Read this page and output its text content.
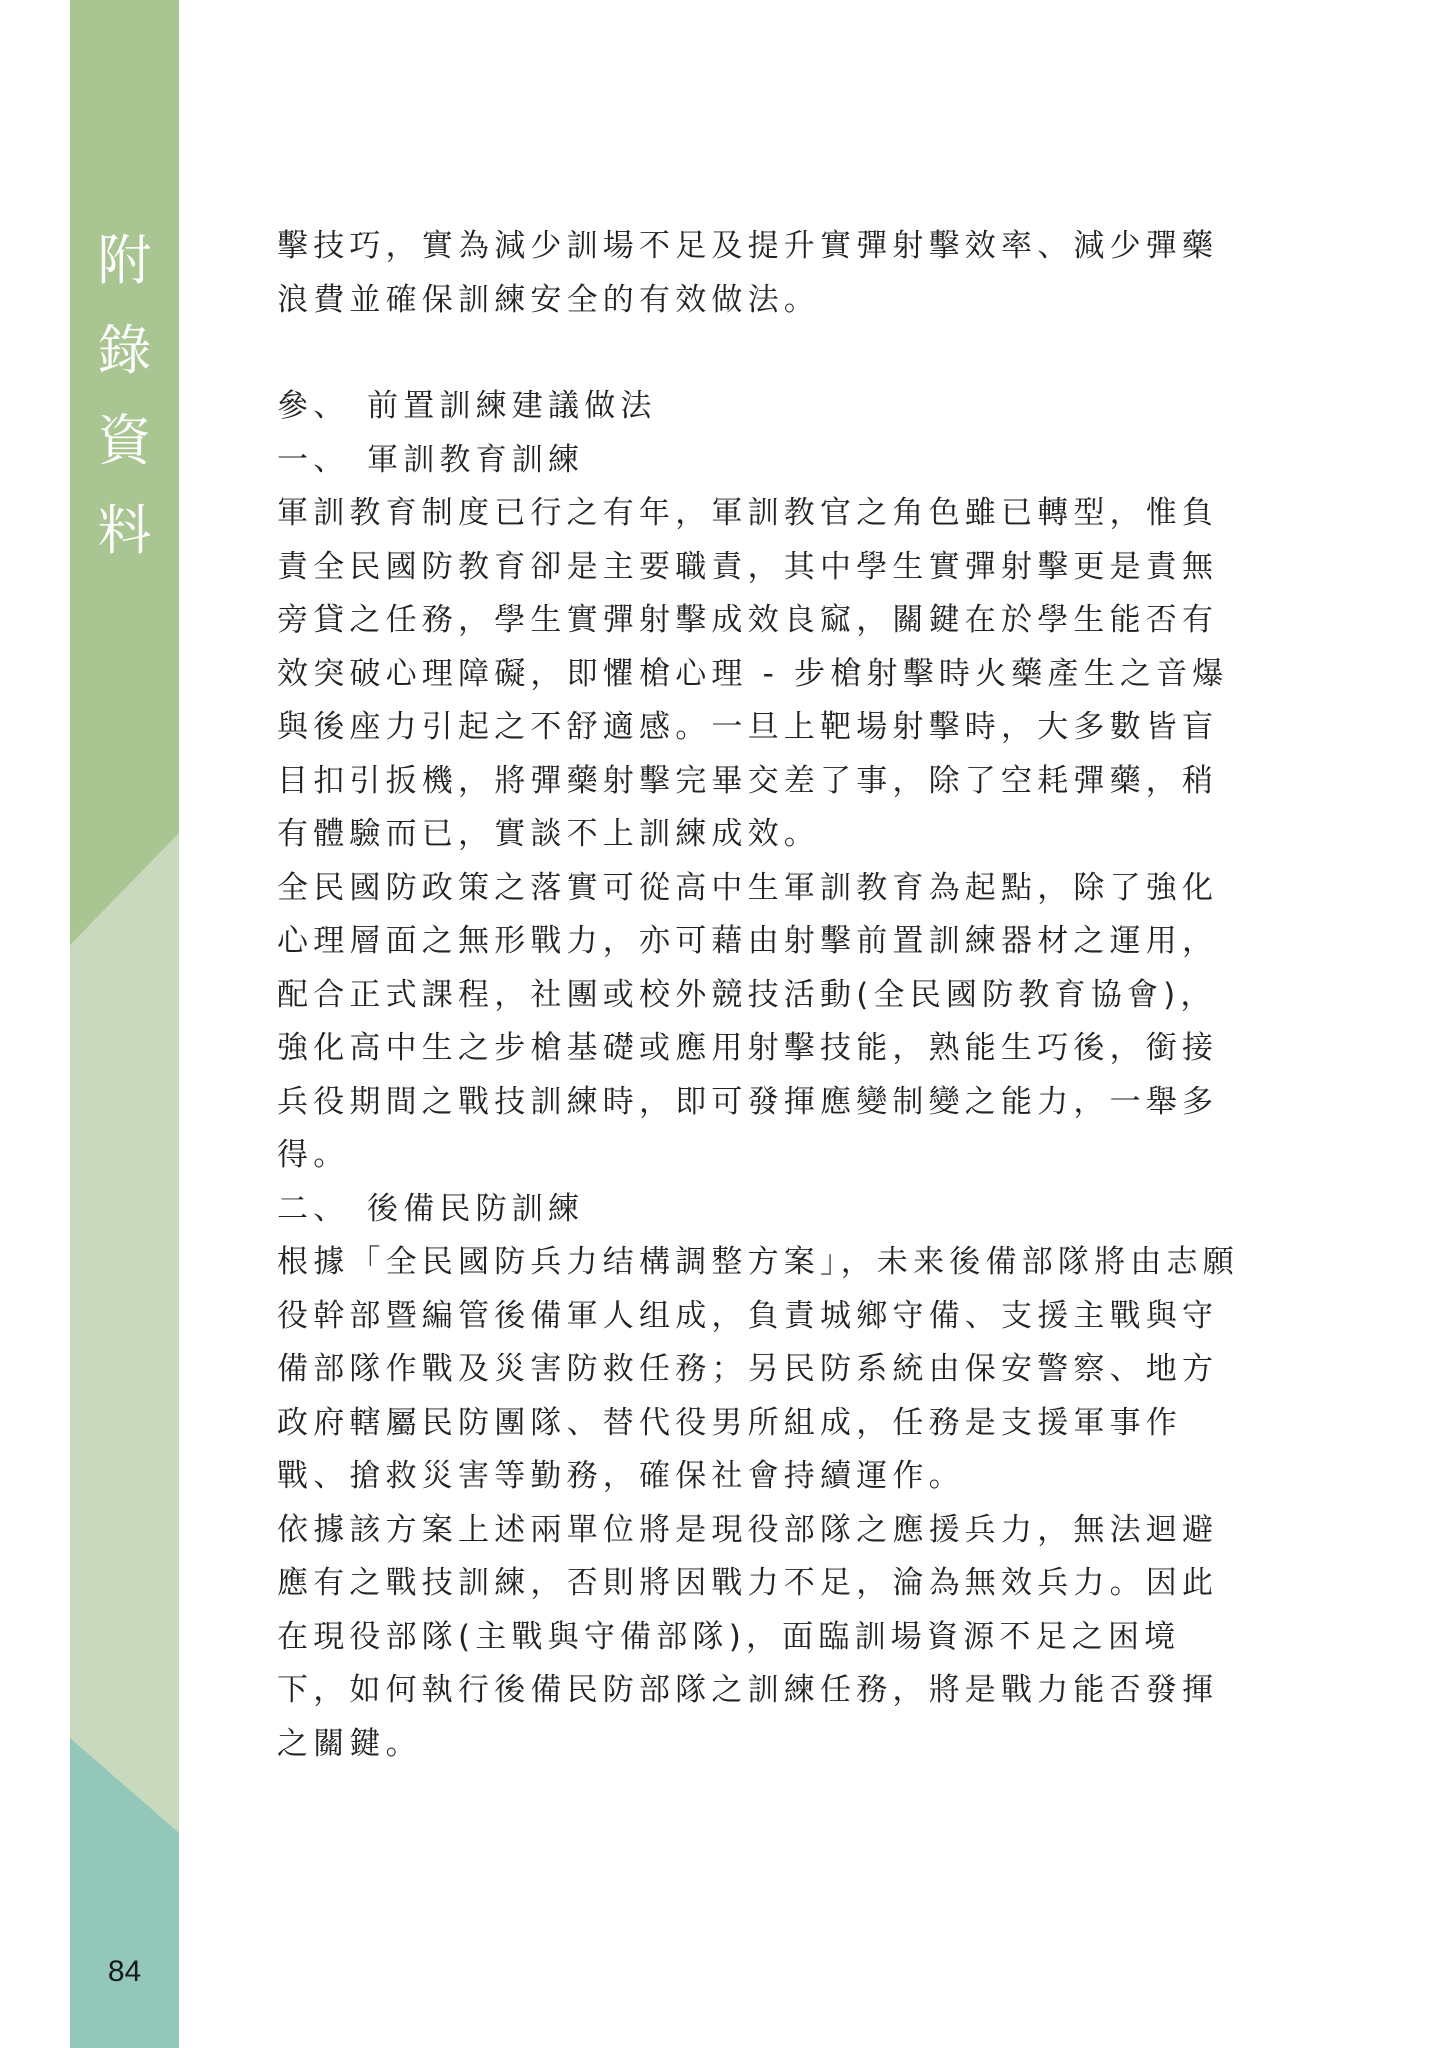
附
錄
資
料
84

擊技巧，實為減少訓場不足及提升實彈射擊效率、減少彈藥浪費並確保訓練安全的有效做法。

參、 前置訓練建議做法
一、 軍訓教育訓練

軍訓教育制度已行之有年，軍訓教官之角色雖已轉型，惟負責全民國防教育卻是主要職責，其中學生實彈射擊更是責無旁貸之任務，學生實彈射擊成效良窳，關鍵在於學生能否有效突破心理障礙，即懼槍心理 - 步槍射擊時火藥產生之音爆與後座力引起之不舒適感。一旦上靶場射擊時，大多數皆盲目扣引扳機，將彈藥射擊完畢交差了事，除了空耗彈藥，稍有體驗而已，實談不上訓練成效。

全民國防政策之落實可從高中生軍訓教育為起點，除了強化心理層面之無形戰力，亦可藉由射擊前置訓練器材之運用，配合正式課程，社團或校外競技活動(全民國防教育協會)，強化高中生之步槍基礎或應用射擊技能，熟能生巧後，銜接兵役期間之戰技訓練時，即可發揮應變制變之能力，一舉多得。

二、 後備民防訓練

根據「全民國防兵力结構調整方案」，未来後備部隊將由志願役幹部暨編管後備軍人组成，負責城鄉守備、支援主戰與守備部隊作戰及災害防救任務；另民防系統由保安警察、地方政府轄屬民防團隊、替代役男所組成，任務是支援軍事作戰、搶救災害等勤務，確保社會持續運作。

依據該方案上述兩單位將是現役部隊之應援兵力，無法迴避應有之戰技訓練，否則將因戰力不足，淪為無效兵力。因此在現役部隊(主戰與守備部隊)，面臨訓場資源不足之困境下，如何執行後備民防部隊之訓練任務，將是戰力能否發揮之關鍵。
